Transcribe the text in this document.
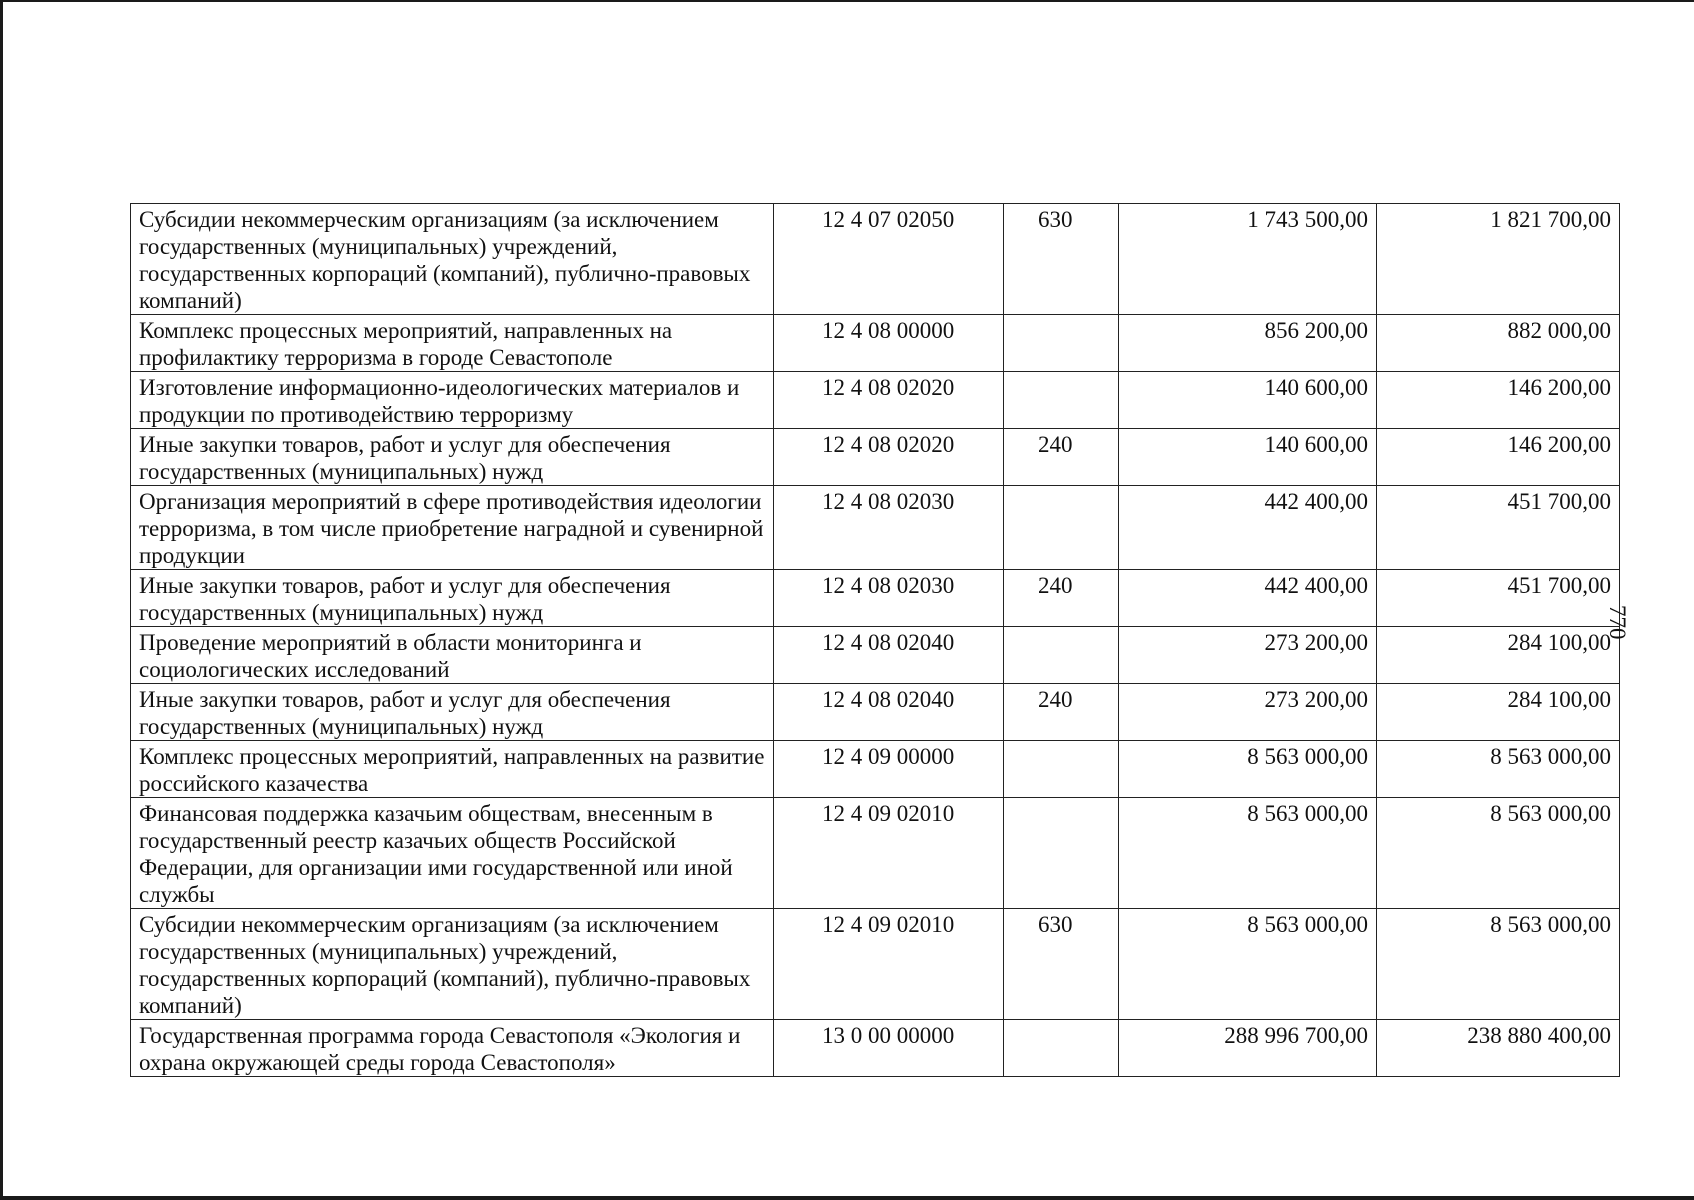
Субсидии некоммерческим организациям (за исключением государственных (муниципальных) учреждений, государственных корпораций (компаний), публично-правовых компаний)	12 4 07 02050	630	1 743 500,00	1 821 700,00
Комплекс процессных мероприятий, направленных на профилактику терроризма в городе Севастополе	12 4 08 00000		856 200,00	882 000,00
Изготовление информационно-идеологических материалов и продукции по противодействию терроризму	12 4 08 02020		140 600,00	146 200,00
Иные закупки товаров, работ и услуг для обеспечения государственных (муниципальных) нужд	12 4 08 02020	240	140 600,00	146 200,00
Организация мероприятий в сфере противодействия идеологии терроризма, в том числе приобретение наградной и сувенирной продукции	12 4 08 02030		442 400,00	451 700,00
Иные закупки товаров, работ и услуг для обеспечения государственных (муниципальных) нужд	12 4 08 02030	240	442 400,00	451 700,00
Проведение мероприятий в области мониторинга и социологических исследований	12 4 08 02040		273 200,00	284 100,00
Иные закупки товаров, работ и услуг для обеспечения государственных (муниципальных) нужд	12 4 08 02040	240	273 200,00	284 100,00
Комплекс процессных мероприятий, направленных на развитие российского казачества	12 4 09 00000		8 563 000,00	8 563 000,00
Финансовая поддержка казачьим обществам, внесенным в государственный реестр казачьих обществ Российской Федерации, для организации ими государственной или иной службы	12 4 09 02010		8 563 000,00	8 563 000,00
Субсидии некоммерческим организациям (за исключением государственных (муниципальных) учреждений, государственных корпораций (компаний), публично-правовых компаний)	12 4 09 02010	630	8 563 000,00	8 563 000,00
Государственная программа города Севастополя «Экология и охрана окружающей среды города Севастополя»	13 0 00 00000		288 996 700,00	238 880 400,00
770
